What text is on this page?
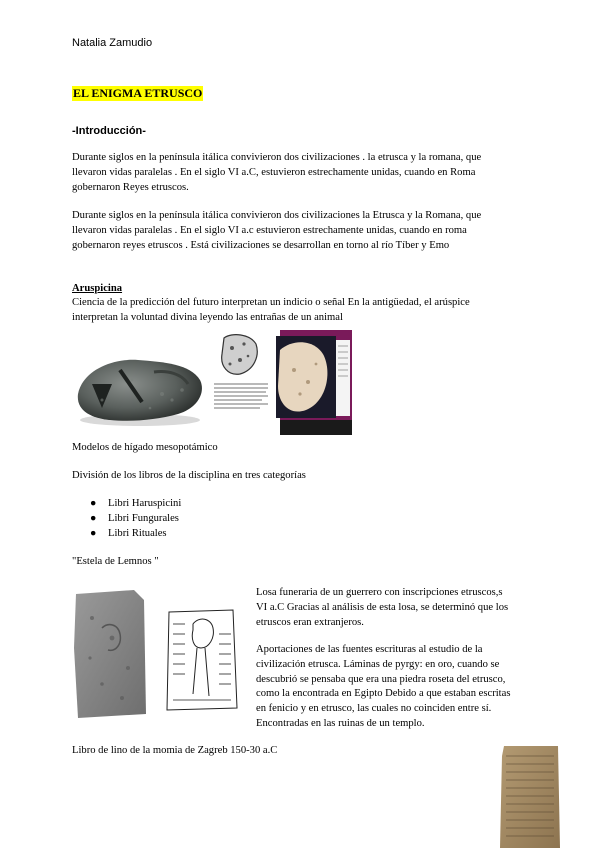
Natalia Zamudio
EL ENIGMA ETRUSCO
-Introducción-
Durante siglos en la península itálica convivieron dos civilizaciones . la etrusca y la romana, que
llevaron vidas paralelas . En el siglo VI a.C, estuvieron estrechamente unidas, cuando en Roma
gobernaron Reyes etruscos.
Durante siglos en la península itálica convivieron dos civilizaciones la Etrusca y la Romana, que
llevaron vidas paralelas . En el siglo VI a.c estuvieron estrechamente unidas, cuando en roma
gobernaron reyes etruscos . Está civilizaciones se desarrollan en torno al río Tíber y Emo
Aruspicina
Ciencia de la predicción del futuro interpretan un indicio o señal En la antigüedad, el arúspice
interpretan la voluntad divina leyendo las entrañas de un animal
Modelos de hígado mesopotámico
División de los libros de la disciplina en tres categorías
● Libri Haruspicini
● Libri Fungurales
● Libri Rituales
"Estela de Lemnos "
Losa funeraria de un guerrero con inscripciones etruscos,s
VI a.C Gracias al análisis de esta losa, se determinó que los
etruscos eran extranjeros.
Aportaciones de las fuentes escrituras al estudio de la
civilización etrusca. Láminas de pyrgy: en oro, cuando se
descubrió se pensaba que era una piedra roseta del etrusco,
como la encontrada en Egipto Debido a que estaban escritas
en fenicio y en etrusco, las cuales no coinciden entre sí.
Encontradas en las ruinas de un templo.
Libro de lino de la momia de Zagreb 150-30 a.C
